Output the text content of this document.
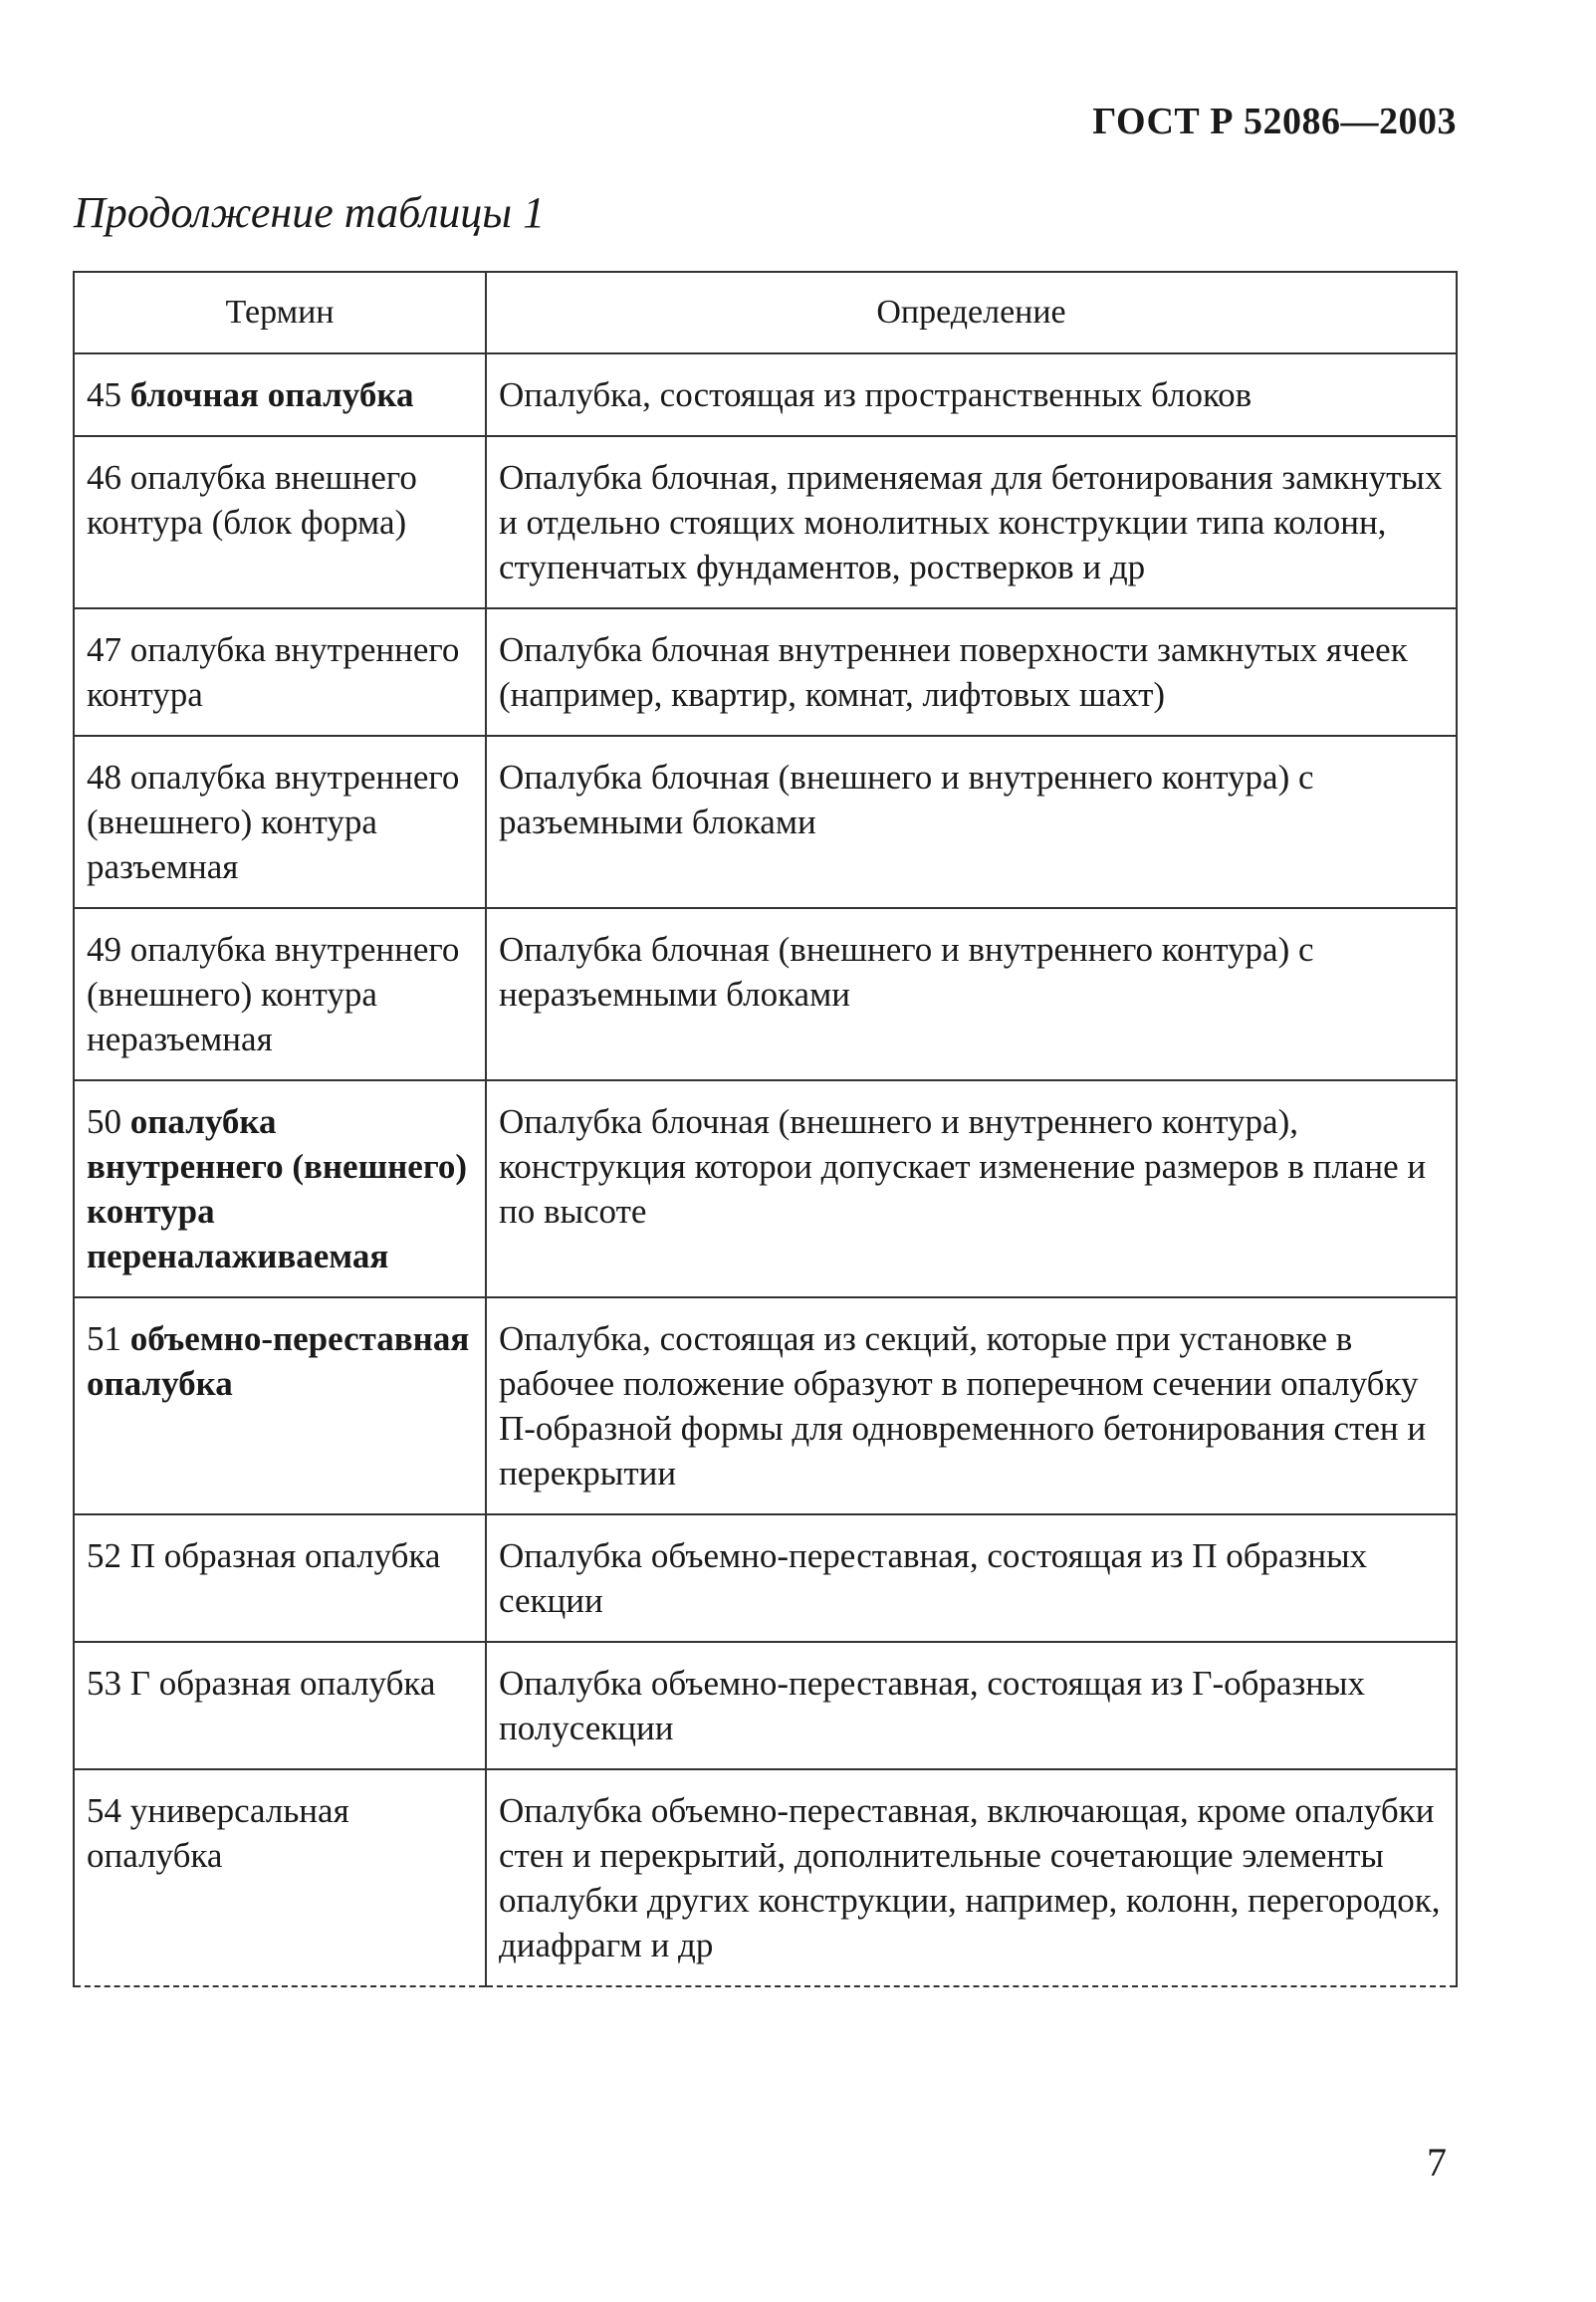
ГОСТ Р 52086—2003
Продолжение таблицы 1
Термин	Определение
45 блочная опалубка	Опалубка, состоящая из пространственных блоков
46 опалубка внешнего контура (блок форма)	Опалубка блочная, применяемая для бетонирования замкнутых и отдельно стоящих монолитных конструкции типа колонн, ступенчатых фундаментов, ростверков и др
47 опалубка внутреннего контура	Опалубка блочная внутреннеи поверхности замкнутых ячеек (например, квартир, комнат, лифтовых шахт)
48 опалубка внутреннего (внешнего) контура разъемная	Опалубка блочная (внешнего и внутреннего контура) с разъемными блоками
49 опалубка внутреннего (внешнего) контура неразъемная	Опалубка блочная (внешнего и внутреннего контура) с неразъемными блоками
50 опалубка внутреннего (внешнего) контура переналаживаемая	Опалубка блочная (внешнего и внутреннего контура), конструкция которои допускает изменение размеров в плане и по высоте
51 объемно-переставная опалубка	Опалубка, состоящая из секций, которые при установке в рабочее положение образуют в поперечном сечении опалубку П-образной формы для одновременного бетонирования стен и перекрытии
52 П образная опалубка	Опалубка объемно-переставная, состоящая из П образных секции
53 Г образная опалубка	Опалубка объемно-переставная, состоящая из Г-образных полусекции
54 универсальная опалубка	Опалубка объемно-переставная, включающая, кроме опалубки стен и перекрытий, дополнительные сочетающие элементы опалубки других конструкции, например, колонн, перегородок, диафрагм и др
7
